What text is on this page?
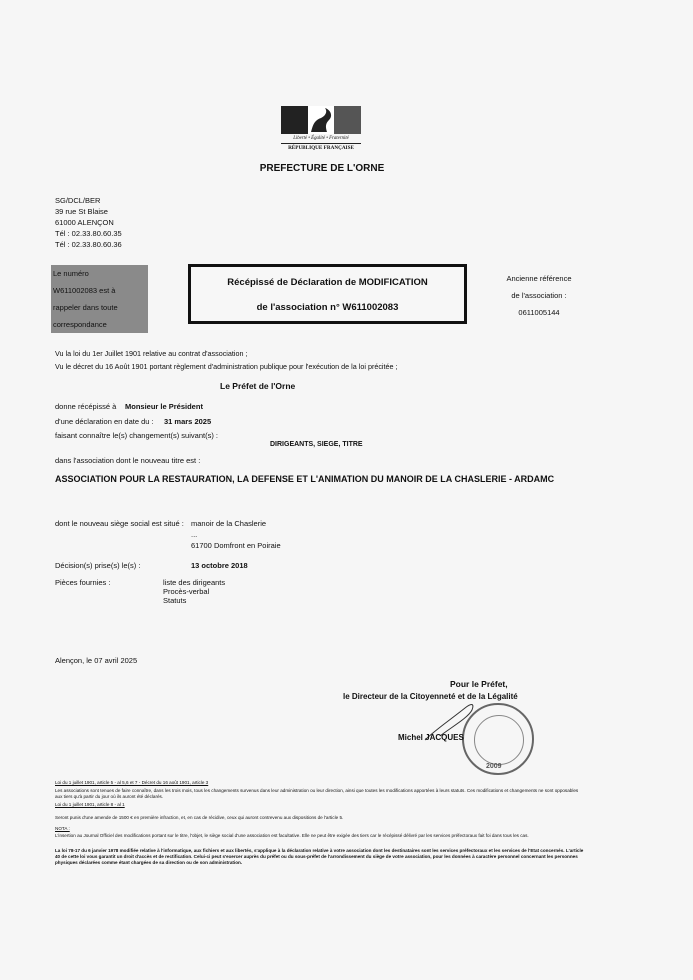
Liberté • Égalité • Fraternité
RÉPUBLIQUE FRANÇAISE
PREFECTURE DE L'ORNE
SG/DCL/BER
39 rue St Blaise
61000 ALENÇON
Tél : 02.33.80.60.35
Tél : 02.33.80.60.36
Le numéro
W611002083 est à
rappeler dans toute
correspondance
Récépissé de Déclaration de MODIFICATION
de l'association n° W611002083
Ancienne référence
de l'association :
0611005144
Vu la loi du 1er Juillet 1901 relative au contrat d'association ;
Vu le décret du 16 Août 1901 portant règlement d'administration publique pour l'exécution de la loi précitée ;
Le Préfet de l'Orne
donne récépissé à Monsieur le Président
d'une déclaration en date du : 31 mars 2025
faisant connaître le(s) changement(s) suivant(s) :
DIRIGEANTS, SIEGE, TITRE
dans l'association dont le nouveau titre est :
ASSOCIATION POUR LA RESTAURATION, LA DEFENSE ET L'ANIMATION DU MANOIR DE LA CHASLERIE - ARDAMC
dont le nouveau siège social est situé : manoir de la Chaslerie
...
61700 Domfront en Poiraie
Décision(s) prise(s) le(s) :	13 octobre 2018
Pièces fournies :	liste des dirigeants
Procès-verbal
Statuts
Alençon, le 07 avril 2025
Pour le Préfet,
le Directeur de la Citoyenneté et de la Légalité
2009
Michel JACQUES
Loi du 1 juillet 1901, article 5 - al 5,6 et 7 - Décret du 16 août 1901, article 3
Les associations sont tenues de faire connaître, dans les trois mois, tous les changements survenus dans leur administration ou leur direction, ainsi que toutes les modifications apportées à leurs statuts. Ces modifications et changements ne sont opposables aux tiers qu'à partir du jour où ils auront été déclarés.
Loi du 1 juillet 1901, article 8 - al 1
Seront punis d'une amende de 1500 € en première infraction, et, en cas de récidive, ceux qui auront contrevenu aux dispositions de l'article 5.
NOTA :
L'insertion au Journal Officiel des modifications portant sur le titre, l'objet, le siège social d'une association est facultative. Elle ne peut être exigée des tiers car le récépissé délivré par les services préfectoraux fait foi dans tous les cas.
La loi 78-17 du 6 janvier 1978 modifiée relative à l'informatique, aux fichiers et aux libertés, s'applique à la déclaration relative à votre association dont les destinataires sont les services préfectoraux et les services de l'Etat concernés. L'article 40 de cette loi vous garantit un droit d'accès et de rectification. Celui-ci peut s'exercer auprès du préfet ou du sous-préfet de l'arrondissement du siège de votre association, pour les données à caractère personnel concernant les personnes physiques déclarées comme étant chargées de sa direction ou de son administration.
